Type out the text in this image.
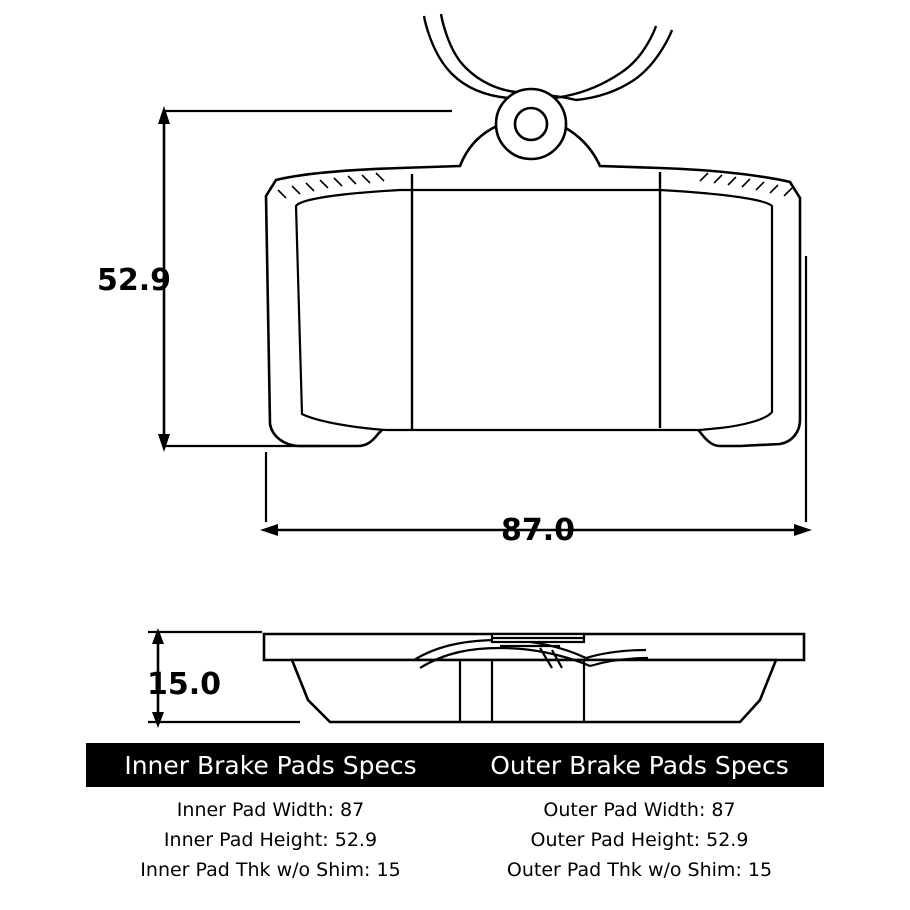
52.9
87.0
15.0
Inner Brake Pads Specs	Outer Brake Pads Specs
Inner Pad Width: 87
Inner Pad Height: 52.9
Inner Pad Thk w/o Shim: 15
Outer Pad Width: 87
Outer Pad Height: 52.9
Outer Pad Thk w/o Shim: 15
